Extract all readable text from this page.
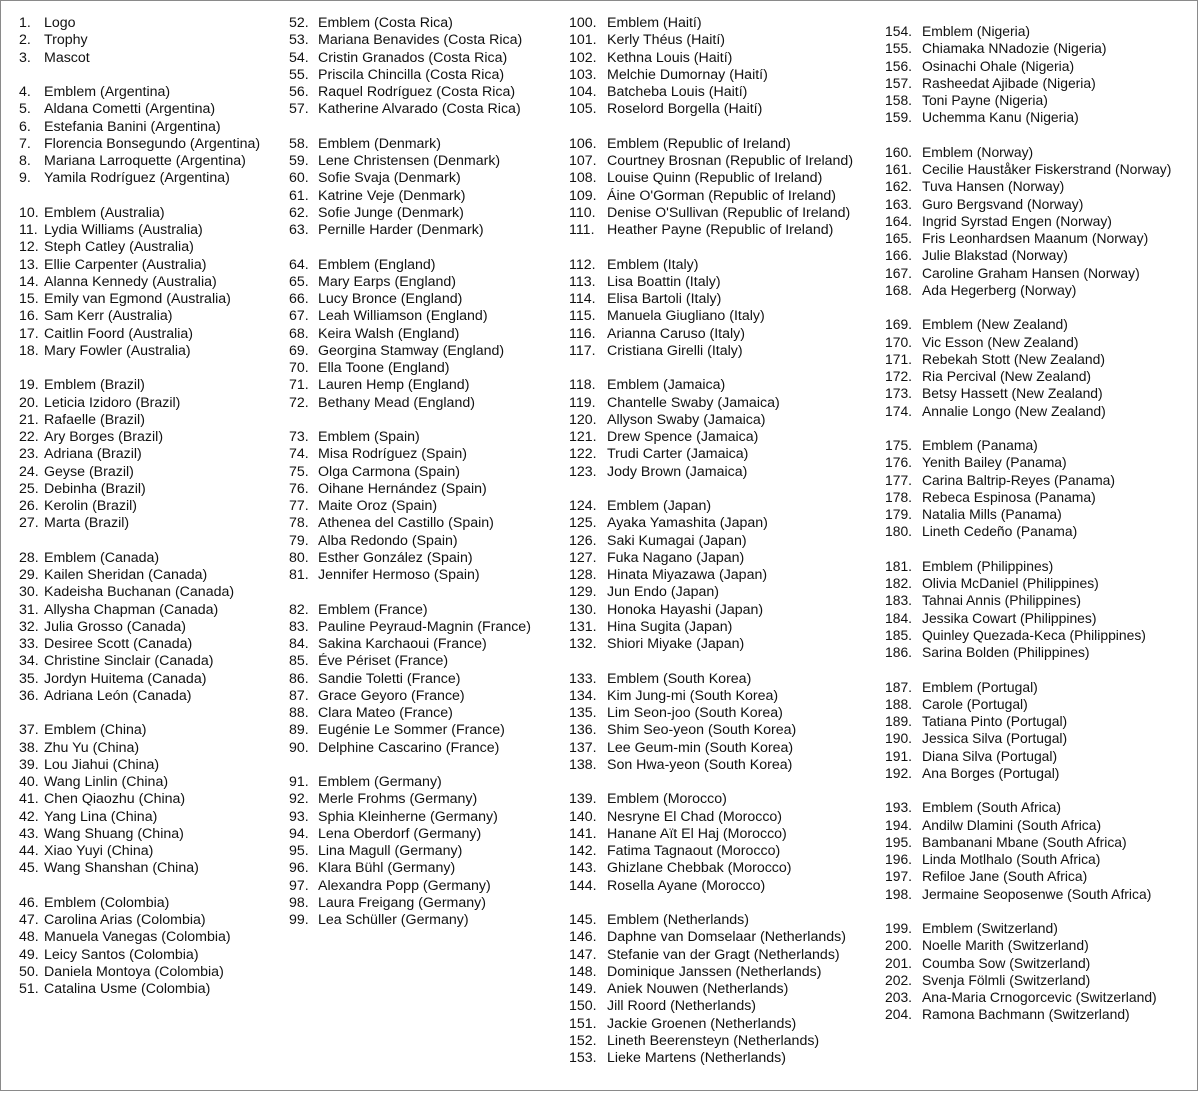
1. Logo
2. Trophy
3. Mascot
4. Emblem (Argentina)
5. Aldana Cometti (Argentina)
6. Estefania Banini (Argentina)
7. Florencia Bonsegundo (Argentina)
8. Mariana Larroquette (Argentina)
9. Yamila Rodríguez (Argentina)
10. Emblem (Australia)
11. Lydia Williams (Australia)
12. Steph Catley (Australia)
13. Ellie Carpenter (Australia)
14. Alanna Kennedy (Australia)
15. Emily van Egmond (Australia)
16. Sam Kerr (Australia)
17. Caitlin Foord (Australia)
18. Mary Fowler (Australia)
19. Emblem (Brazil)
20. Leticia Izidoro (Brazil)
21. Rafaelle (Brazil)
22. Ary Borges (Brazil)
23. Adriana (Brazil)
24. Geyse (Brazil)
25. Debinha (Brazil)
26. Kerolin (Brazil)
27. Marta (Brazil)
28. Emblem (Canada)
29. Kailen Sheridan (Canada)
30. Kadeisha Buchanan (Canada)
31. Allysha Chapman (Canada)
32. Julia Grosso (Canada)
33. Desiree Scott (Canada)
34. Christine Sinclair (Canada)
35. Jordyn Huitema (Canada)
36. Adriana León (Canada)
37. Emblem (China)
38. Zhu Yu (China)
39. Lou Jiahui (China)
40. Wang Linlin (China)
41. Chen Qiaozhu (China)
42. Yang Lina (China)
43. Wang Shuang (China)
44. Xiao Yuyi (China)
45. Wang Shanshan (China)
46. Emblem (Colombia)
47. Carolina Arias (Colombia)
48. Manuela Vanegas (Colombia)
49. Leicy Santos (Colombia)
50. Daniela Montoya (Colombia)
51. Catalina Usme (Colombia)
52. Emblem (Costa Rica)
53. Mariana Benavides (Costa Rica)
54. Cristin Granados (Costa Rica)
55. Priscila Chincilla (Costa Rica)
56. Raquel Rodríguez (Costa Rica)
57. Katherine Alvarado (Costa Rica)
58. Emblem (Denmark)
59. Lene Christensen (Denmark)
60. Sofie Svaja (Denmark)
61. Katrine Veje (Denmark)
62. Sofie Junge (Denmark)
63. Pernille Harder (Denmark)
64. Emblem (England)
65. Mary Earps (England)
66. Lucy Bronce (England)
67. Leah Williamson (England)
68. Keira Walsh (England)
69. Georgina Stamway (England)
70. Ella Toone (England)
71. Lauren Hemp (England)
72. Bethany Mead (England)
73. Emblem (Spain)
74. Misa Rodríguez (Spain)
75. Olga Carmona (Spain)
76. Oihane Hernández (Spain)
77. Maite Oroz (Spain)
78. Athenea del Castillo (Spain)
79. Alba Redondo (Spain)
80. Esther González (Spain)
81. Jennifer Hermoso (Spain)
82. Emblem (France)
83. Pauline Peyraud-Magnin (France)
84. Sakina Karchaoui (France)
85. Éve Périset (France)
86. Sandie Toletti (France)
87. Grace Geyoro (France)
88. Clara Mateo (France)
89. Eugénie Le Sommer (France)
90. Delphine Cascarino (France)
91. Emblem (Germany)
92. Merle Frohms (Germany)
93. Sphia Kleinherne (Germany)
94. Lena Oberdorf (Germany)
95. Lina Magull (Germany)
96. Klara Bühl (Germany)
97. Alexandra Popp (Germany)
98. Laura Freigang (Germany)
99. Lea Schüller (Germany)
100. Emblem (Haití)
101. Kerly Théus (Haití)
102. Kethna Louis (Haití)
103. Melchie Dumornay (Haití)
104. Batcheba Louis (Haití)
105. Roselord Borgella (Haití)
106. Emblem (Republic of Ireland)
107. Courtney Brosnan (Republic of Ireland)
108. Louise Quinn (Republic of Ireland)
109. Áine O'Gorman (Republic of Ireland)
110. Denise O'Sullivan (Republic of Ireland)
111. Heather Payne (Republic of Ireland)
112. Emblem (Italy)
113. Lisa Boattin (Italy)
114. Elisa Bartoli (Italy)
115. Manuela Giugliano (Italy)
116. Arianna Caruso (Italy)
117. Cristiana Girelli (Italy)
118. Emblem (Jamaica)
119. Chantelle Swaby (Jamaica)
120. Allyson Swaby (Jamaica)
121. Drew Spence (Jamaica)
122. Trudi Carter (Jamaica)
123. Jody Brown (Jamaica)
124. Emblem (Japan)
125. Ayaka Yamashita (Japan)
126. Saki Kumagai (Japan)
127. Fuka Nagano (Japan)
128. Hinata Miyazawa (Japan)
129. Jun Endo (Japan)
130. Honoka Hayashi (Japan)
131. Hina Sugita (Japan)
132. Shiori Miyake (Japan)
133. Emblem (South Korea)
134. Kim Jung-mi (South Korea)
135. Lim Seon-joo (South Korea)
136. Shim Seo-yeon (South Korea)
137. Lee Geum-min (South Korea)
138. Son Hwa-yeon (South Korea)
139. Emblem (Morocco)
140. Nesryne El Chad (Morocco)
141. Hanane Aït El Haj (Morocco)
142. Fatima Tagnaout (Morocco)
143. Ghizlane Chebbak (Morocco)
144. Rosella Ayane (Morocco)
145. Emblem (Netherlands)
146. Daphne van Domselaar (Netherlands)
147. Stefanie van der Gragt (Netherlands)
148. Dominique Janssen (Netherlands)
149. Aniek Nouwen (Netherlands)
150. Jill Roord (Netherlands)
151. Jackie Groenen (Netherlands)
152. Lineth Beerensteyn (Netherlands)
153. Lieke Martens (Netherlands)
154. Emblem (Nigeria)
155. Chiamaka NNadozie (Nigeria)
156. Osinachi Ohale (Nigeria)
157. Rasheedat Ajibade (Nigeria)
158. Toni Payne (Nigeria)
159. Uchemma Kanu (Nigeria)
160. Emblem (Norway)
161. Cecilie Hauståker Fiskerstrand (Norway)
162. Tuva Hansen (Norway)
163. Guro Bergsvand (Norway)
164. Ingrid Syrstad Engen (Norway)
165. Fris Leonhardsen Maanum (Norway)
166. Julie Blakstad (Norway)
167. Caroline Graham Hansen (Norway)
168. Ada Hegerberg (Norway)
169. Emblem (New Zealand)
170. Vic Esson (New Zealand)
171. Rebekah Stott (New Zealand)
172. Ria Percival (New Zealand)
173. Betsy Hassett (New Zealand)
174. Annalie Longo (New Zealand)
175. Emblem (Panama)
176. Yenith Bailey (Panama)
177. Carina Baltrip-Reyes (Panama)
178. Rebeca Espinosa (Panama)
179. Natalia Mills (Panama)
180. Lineth Cedeño (Panama)
181. Emblem (Philippines)
182. Olivia McDaniel (Philippines)
183. Tahnai Annis (Philippines)
184. Jessika Cowart (Philippines)
185. Quinley Quezada-Keca (Philippines)
186. Sarina Bolden (Philippines)
187. Emblem (Portugal)
188. Carole (Portugal)
189. Tatiana Pinto (Portugal)
190. Jessica Silva (Portugal)
191. Diana Silva (Portugal)
192. Ana Borges (Portugal)
193. Emblem (South Africa)
194. Andilw Dlamini (South Africa)
195. Bambanani Mbane (South Africa)
196. Linda Motlhalo (South Africa)
197. Refiloe Jane (South Africa)
198. Jermaine Seoposenwe (South Africa)
199. Emblem (Switzerland)
200. Noelle Marith (Switzerland)
201. Coumba Sow (Switzerland)
202. Svenja Fölmli (Switzerland)
203. Ana-Maria Crnogorcevic (Switzerland)
204. Ramona Bachmann (Switzerland)
